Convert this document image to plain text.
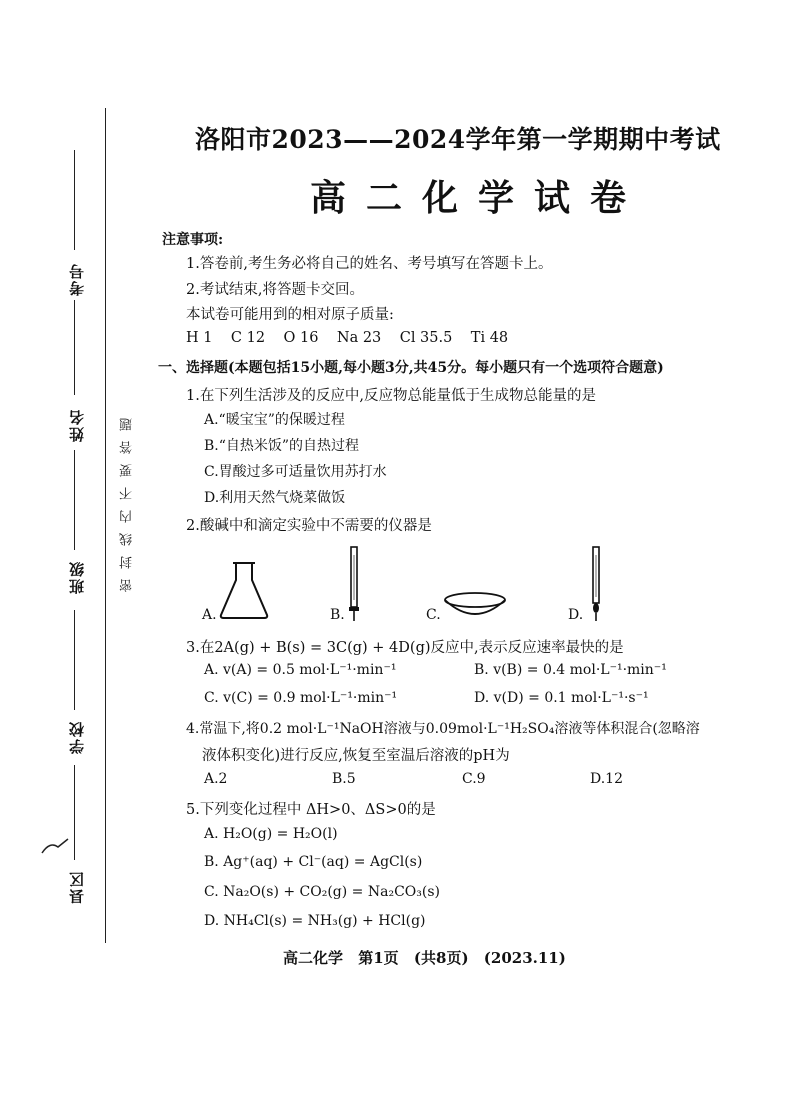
考号
姓名
班级
学校
县区
密封线内不要答题
洛阳市2023——2024学年第一学期期中考试
高二化学试卷
注意事项:
1.答卷前,考生务必将自己的姓名、考号填写在答题卡上。
2.考试结束,将答题卡交回。
本试卷可能用到的相对原子质量:
H 1    C 12    O 16    Na 23    Cl 35.5    Ti 48
一、选择题(本题包括15小题,每小题3分,共45分。每小题只有一个选项符合题意)
1.在下列生活涉及的反应中,反应物总能量低于生成物总能量的是
A.“暖宝宝”的保暖过程
B.“自热米饭”的自热过程
C.胃酸过多可适量饮用苏打水
D.利用天然气烧菜做饭
2.酸碱中和滴定实验中不需要的仪器是
A.	B.	C.	D.
3.在2A(g) + B(s) = 3C(g) + 4D(g)反应中,表示反应速率最快的是
A. v(A) = 0.5 mol·L⁻¹·min⁻¹	B. v(B) = 0.4 mol·L⁻¹·min⁻¹
C. v(C) = 0.9 mol·L⁻¹·min⁻¹	D. v(D) = 0.1 mol·L⁻¹·s⁻¹
4.常温下,将0.2 mol·L⁻¹NaOH溶液与0.09mol·L⁻¹H₂SO₄溶液等体积混合(忽略溶
液体积变化)进行反应,恢复至室温后溶液的pH为
A.2	B.5	C.9	D.12
5.下列变化过程中 ΔH>0、ΔS>0的是
A. H₂O(g) = H₂O(l)
B. Ag⁺(aq) + Cl⁻(aq) = AgCl(s)
C. Na₂O(s) + CO₂(g) = Na₂CO₃(s)
D. NH₄Cl(s) = NH₃(g) + HCl(g)
高二化学 第1页 (共8页) (2023.11)
